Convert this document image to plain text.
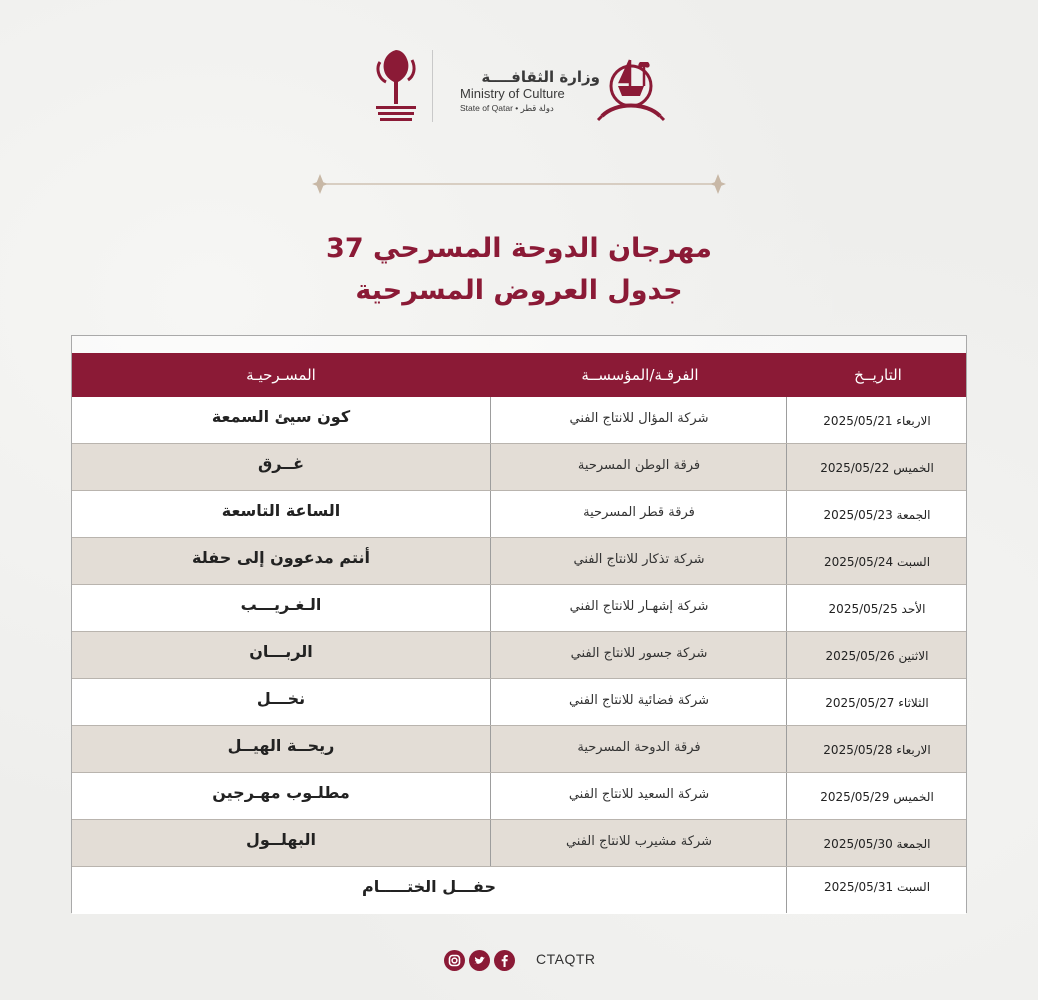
وزارة الثقافــــة
Ministry of Culture
State of Qatar • دولة قطر
مهرجان الدوحة المسرحي 37
جدول العروض المسرحية
التاريــخ
الفرقـة/المؤسســة
المسـرحيـة
الاربعاء 2025/05/21
شركة المؤال للانتاج الفني
كون سيئ السمعة
الخميس 2025/05/22
فرقة الوطن المسرحية
غــرق
الجمعة 2025/05/23
فرقة قطر المسرحية
الساعة التاسعة
السبت 2025/05/24
شركة تذكار للانتاج الفني
أنتم مدعوون إلى حفلة
الأحد 2025/05/25
شركة إشهـار للانتاج الفني
الـغـريـــب
الاثنين 2025/05/26
شركة جسور للانتاج الفني
الربـــان
الثلاثاء 2025/05/27
شركة فضائية للانتاج الفني
نخـــل
الاربعاء 2025/05/28
فرقة الدوحة المسرحية
ريحــة الهيــل
الخميس 2025/05/29
شركة السعيد للانتاج الفني
مطلـوب مهـرجين
الجمعة 2025/05/30
شركة مشيرب للانتاج الفني
البهلــول
السبت 2025/05/31
حفـــل الختـــــام
CTAQTR
